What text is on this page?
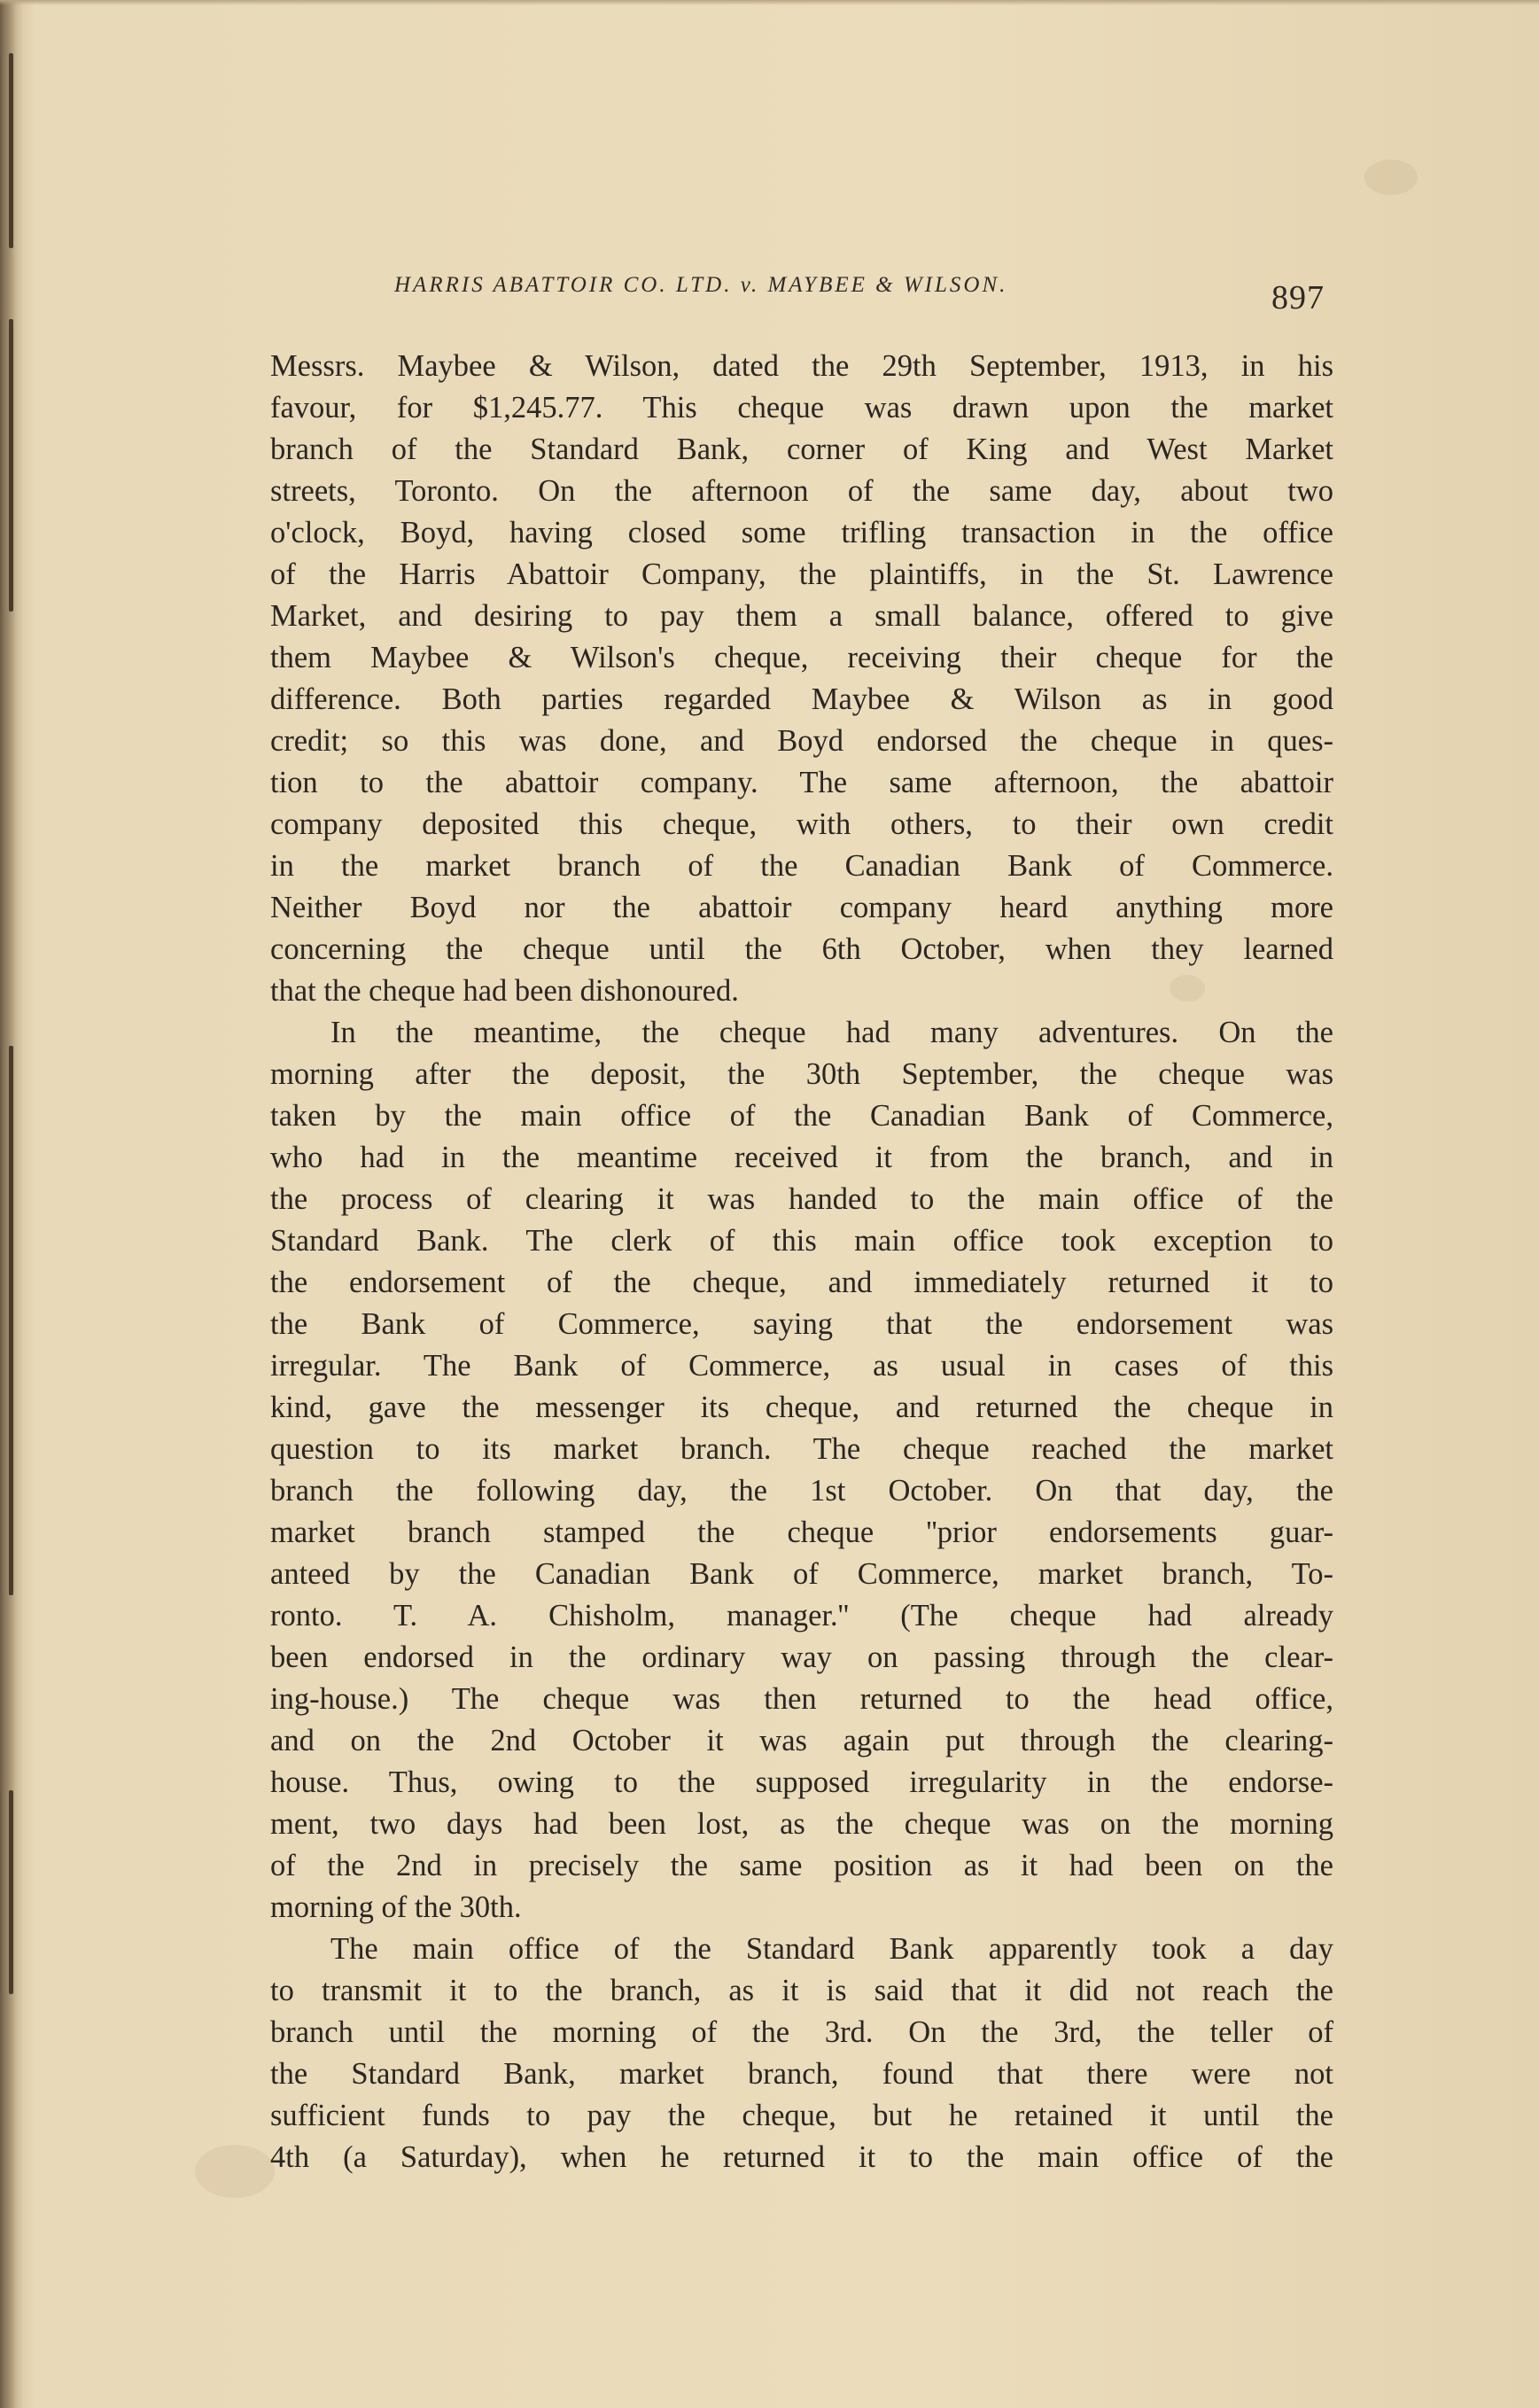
HARRIS ABATTOIR CO. LTD. v. MAYBEE & WILSON.	897
Messrs. Maybee & Wilson, dated the 29th September, 1913, in his
favour, for $1,245.77. This cheque was drawn upon the market
branch of the Standard Bank, corner of King and West Market
streets, Toronto. On the afternoon of the same day, about two
o'clock, Boyd, having closed some trifling transaction in the office
of the Harris Abattoir Company, the plaintiffs, in the St. Lawrence
Market, and desiring to pay them a small balance, offered to give
them Maybee & Wilson's cheque, receiving their cheque for the
difference. Both parties regarded Maybee & Wilson as in good
credit; so this was done, and Boyd endorsed the cheque in ques-
tion to the abattoir company. The same afternoon, the abattoir
company deposited this cheque, with others, to their own credit
in the market branch of the Canadian Bank of Commerce.
Neither Boyd nor the abattoir company heard anything more
concerning the cheque until the 6th October, when they learned
that the cheque had been dishonoured.
In the meantime, the cheque had many adventures. On the
morning after the deposit, the 30th September, the cheque was
taken by the main office of the Canadian Bank of Commerce,
who had in the meantime received it from the branch, and in
the process of clearing it was handed to the main office of the
Standard Bank. The clerk of this main office took exception to
the endorsement of the cheque, and immediately returned it to
the Bank of Commerce, saying that the endorsement was
irregular. The Bank of Commerce, as usual in cases of this
kind, gave the messenger its cheque, and returned the cheque in
question to its market branch. The cheque reached the market
branch the following day, the 1st October. On that day, the
market branch stamped the cheque ''prior endorsements guar-
anteed by the Canadian Bank of Commerce, market branch, To-
ronto. T. A. Chisholm, manager.'' (The cheque had already
been endorsed in the ordinary way on passing through the clear-
ing-house.) The cheque was then returned to the head office,
and on the 2nd October it was again put through the clearing-
house. Thus, owing to the supposed irregularity in the endorse-
ment, two days had been lost, as the cheque was on the morning
of the 2nd in precisely the same position as it had been on the
morning of the 30th.
The main office of the Standard Bank apparently took a day
to transmit it to the branch, as it is said that it did not reach the
branch until the morning of the 3rd. On the 3rd, the teller of
the Standard Bank, market branch, found that there were not
sufficient funds to pay the cheque, but he retained it until the
4th (a Saturday), when he returned it to the main office of the
